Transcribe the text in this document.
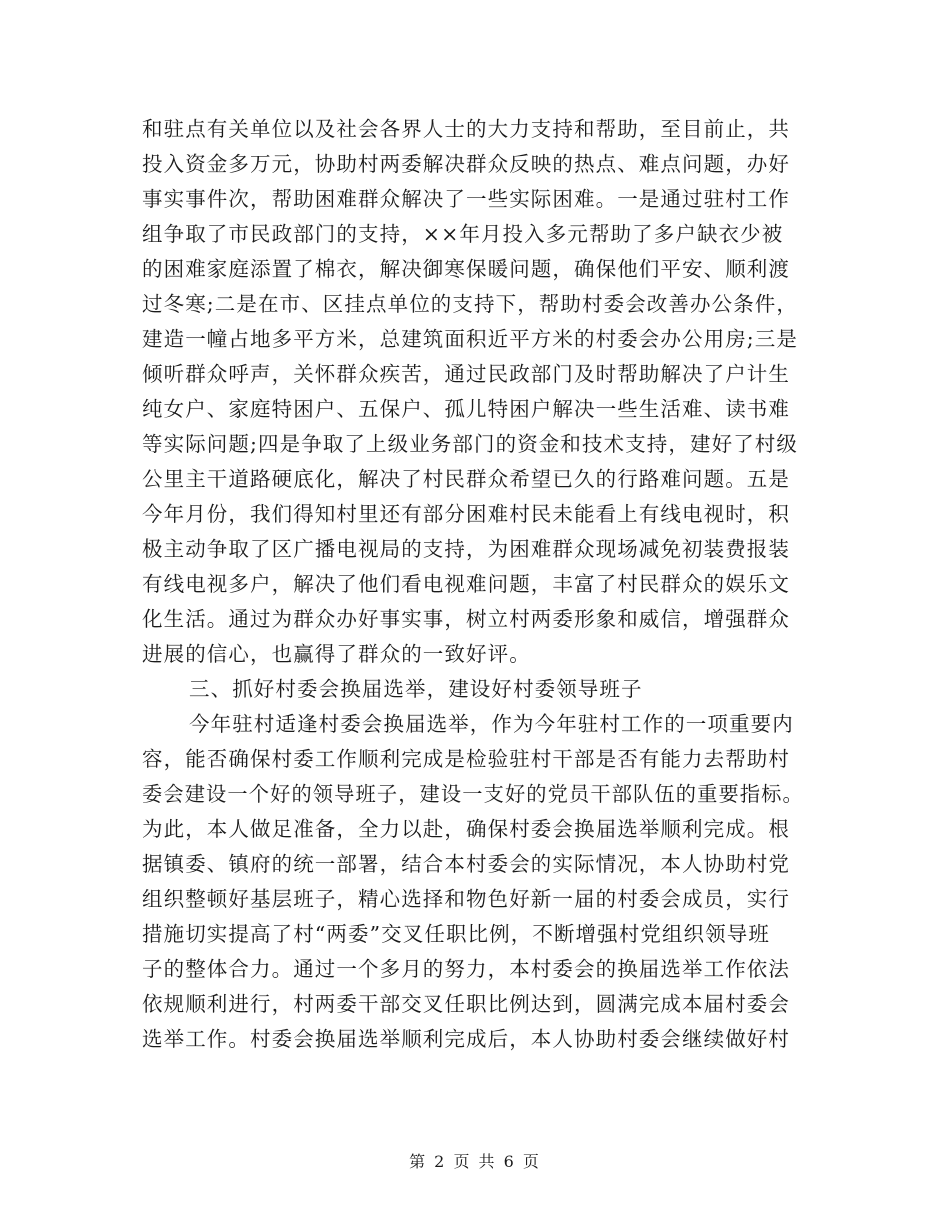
和驻点有关单位以及社会各界人士的大力支持和帮助，至目前止，共
投入资金多万元，协助村两委解决群众反映的热点、难点问题，办好
事实事件次，帮助困难群众解决了一些实际困难。一是通过驻村工作
组争取了市民政部门的支持，××年月投入多元帮助了多户缺衣少被
的困难家庭添置了棉衣，解决御寒保暖问题，确保他们平安、顺利渡
过冬寒;二是在市、区挂点单位的支持下，帮助村委会改善办公条件，
建造一幢占地多平方米，总建筑面积近平方米的村委会办公用房;三是
倾听群众呼声，关怀群众疾苦，通过民政部门及时帮助解决了户计生
纯女户、家庭特困户、五保户、孤儿特困户解决一些生活难、读书难
等实际问题;四是争取了上级业务部门的资金和技术支持，建好了村级
公里主干道路硬底化，解决了村民群众希望已久的行路难问题。五是
今年月份，我们得知村里还有部分困难村民未能看上有线电视时，积
极主动争取了区广播电视局的支持，为困难群众现场减免初装费报装
有线电视多户，解决了他们看电视难问题，丰富了村民群众的娱乐文
化生活。通过为群众办好事实事，树立村两委形象和威信，增强群众
进展的信心，也赢得了群众的一致好评。
三、抓好村委会换届选举，建设好村委领导班子
今年驻村适逢村委会换届选举，作为今年驻村工作的一项重要内
容，能否确保村委工作顺利完成是检验驻村干部是否有能力去帮助村
委会建设一个好的领导班子，建设一支好的党员干部队伍的重要指标。
为此，本人做足准备，全力以赴，确保村委会换届选举顺利完成。根
据镇委、镇府的统一部署，结合本村委会的实际情况，本人协助村党
组织整顿好基层班子，精心选择和物色好新一届的村委会成员，实行
措施切实提高了村“两委”交叉任职比例，不断增强村党组织领导班
子的整体合力。通过一个多月的努力，本村委会的换届选举工作依法
依规顺利进行，村两委干部交叉任职比例达到，圆满完成本届村委会
选举工作。村委会换届选举顺利完成后，本人协助村委会继续做好村
第 2 页 共 6 页
